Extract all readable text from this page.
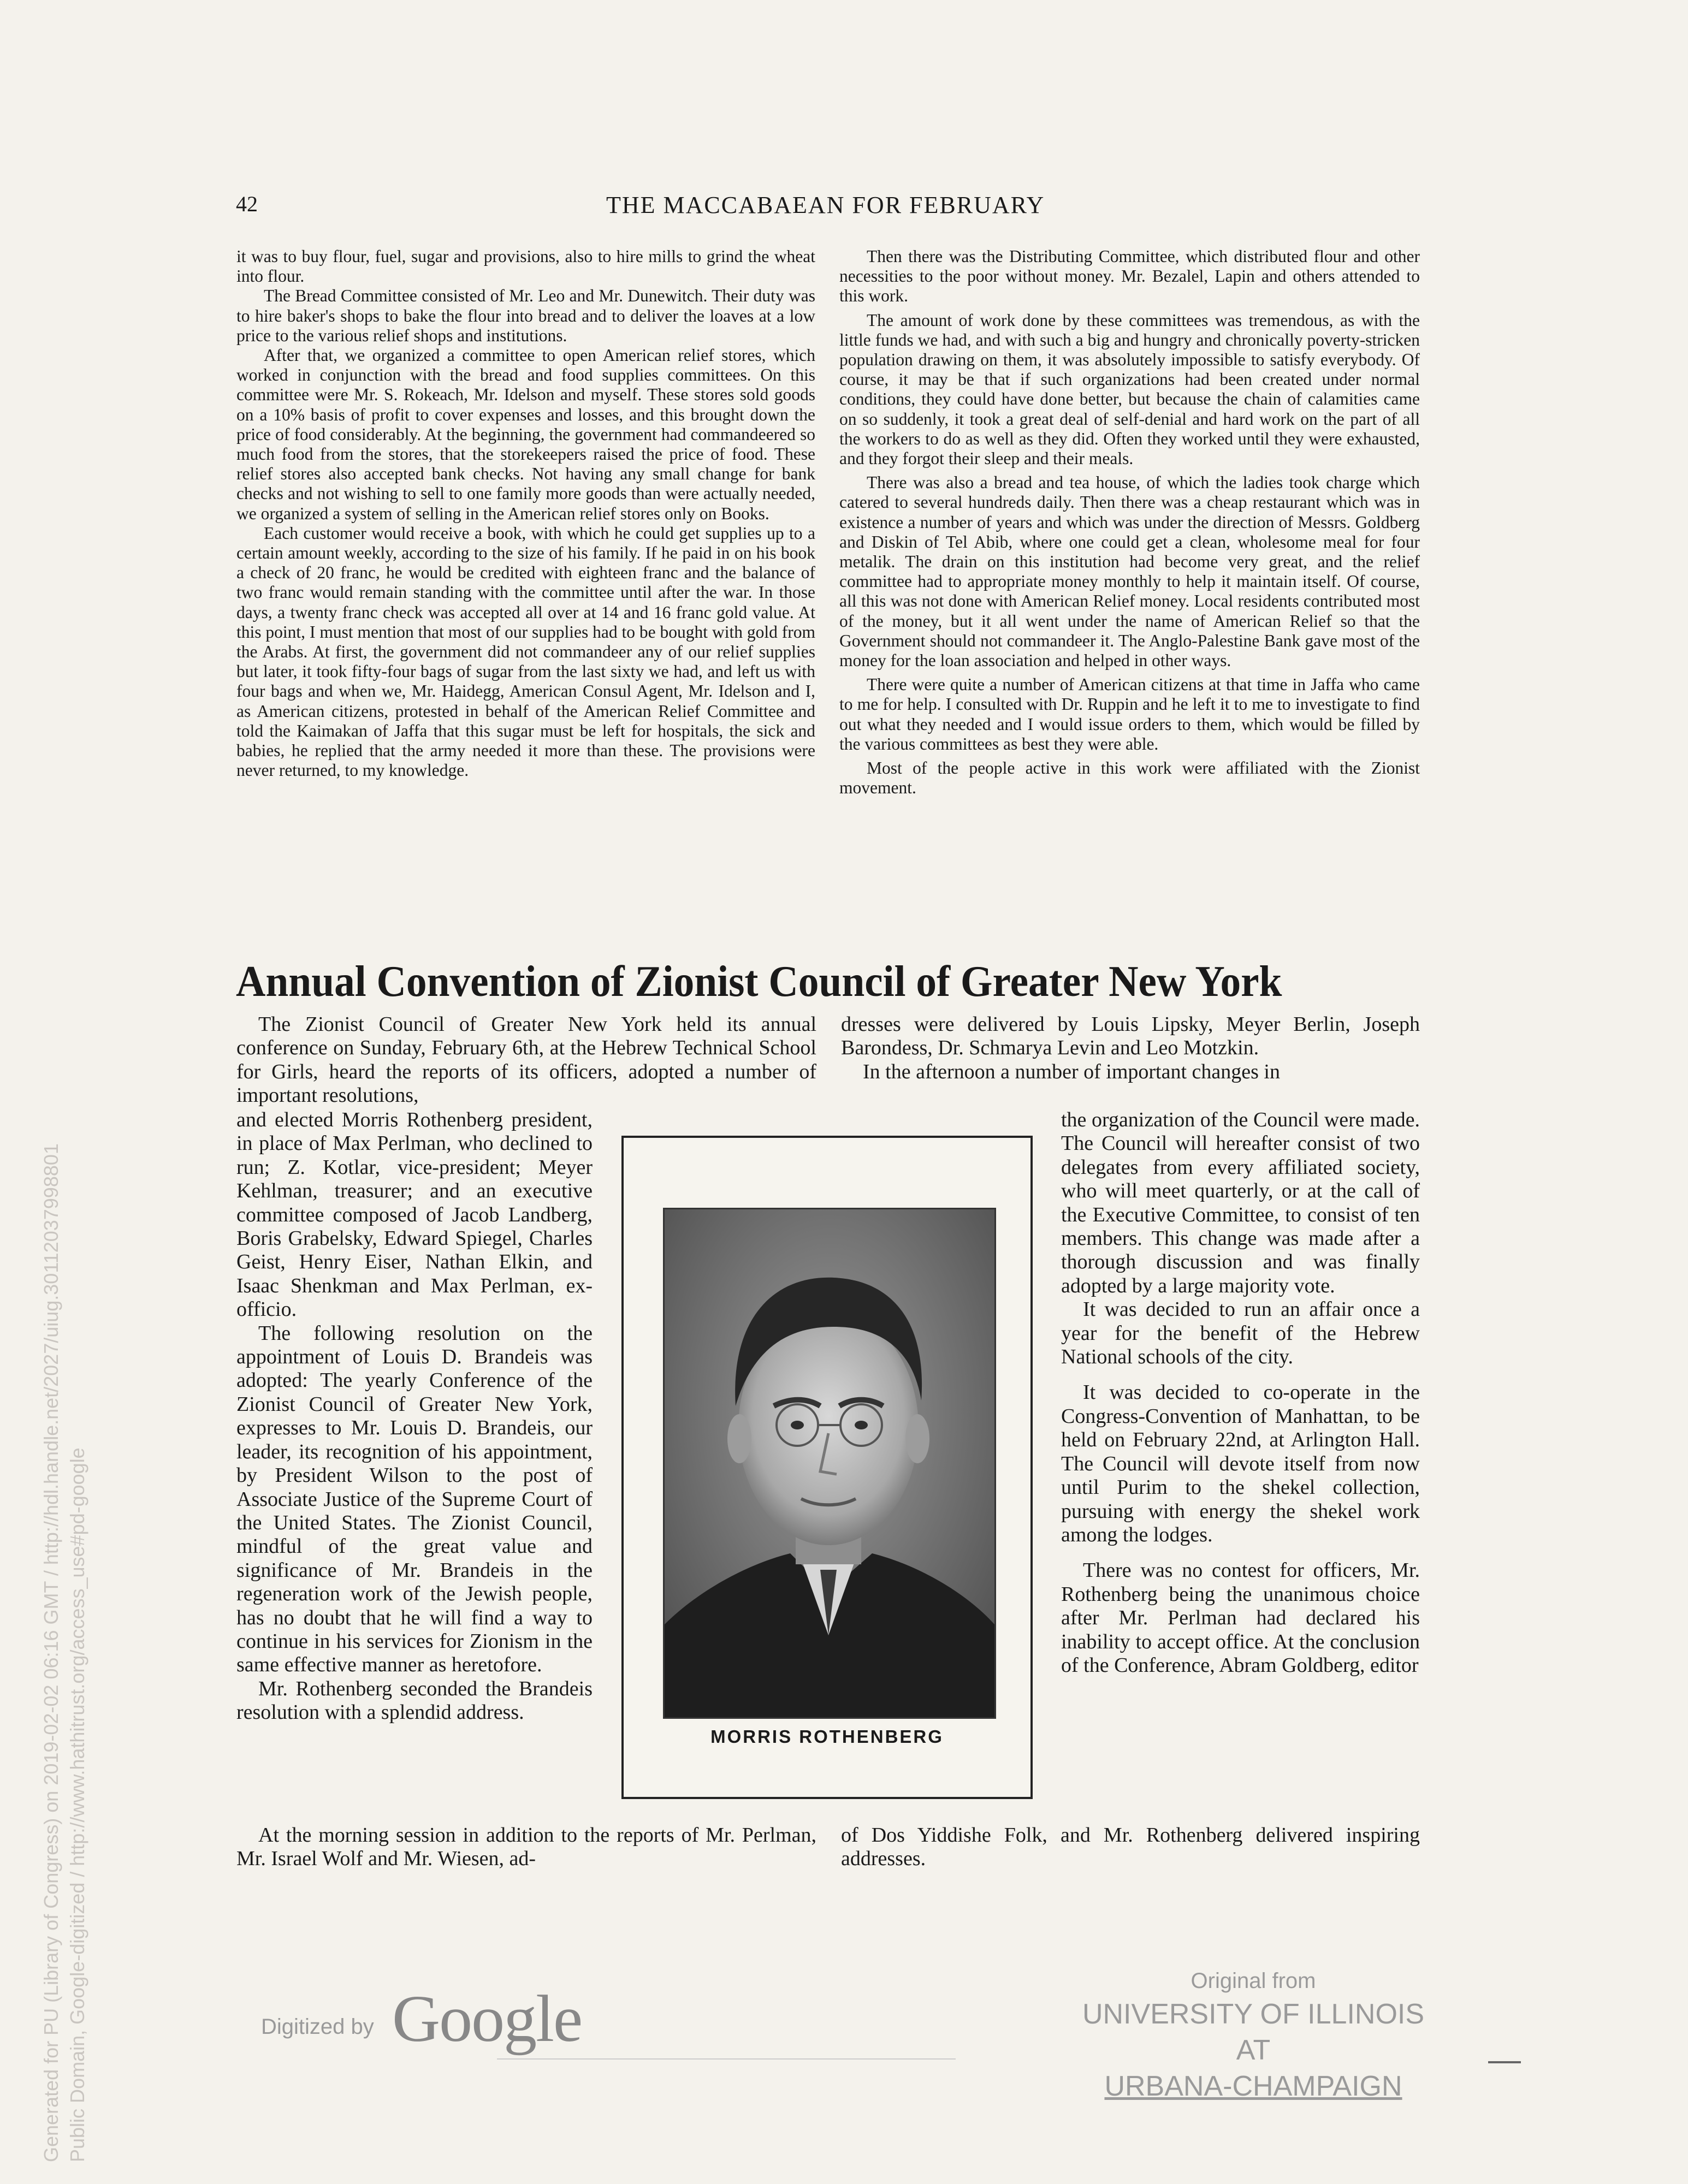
42	THE MACCABAEAN FOR FEBRUARY

it was to buy flour, fuel, sugar and provisions, also to hire mills to grind the wheat into flour.

The Bread Committee consisted of Mr. Leo and Mr. Dunewitch. Their duty was to hire baker's shops to bake the flour into bread and to deliver the loaves at a low price to the various relief shops and institutions.

After that, we organized a committee to open American relief stores, which worked in conjunction with the bread and food supplies committees. On this committee were Mr. S. Rokeach, Mr. Idelson and myself. These stores sold goods on a 10% basis of profit to cover expenses and losses, and this brought down the price of food considerably. At the beginning, the government had commandeered so much food from the stores, that the storekeepers raised the price of food. These relief stores also accepted bank checks. Not having any small change for bank checks and not wishing to sell to one family more goods than were actually needed, we organized a system of selling in the American relief stores only on Books.

Each customer would receive a book, with which he could get supplies up to a certain amount weekly, according to the size of his family. If he paid in on his book a check of 20 franc, he would be credited with eighteen franc and the balance of two franc would remain standing with the committee until after the war. In those days, a twenty franc check was accepted all over at 14 and 16 franc gold value. At this point, I must mention that most of our supplies had to be bought with gold from the Arabs. At first, the government did not commandeer any of our relief supplies but later, it took fifty-four bags of sugar from the last sixty we had, and left us with four bags and when we, Mr. Haidegg, American Consul Agent, Mr. Idelson and I, as American citizens, protested in behalf of the American Relief Committee and told the Kaimakan of Jaffa that this sugar must be left for hospitals, the sick and babies, he replied that the army needed it more than these. The provisions were never returned, to my knowledge.

Then there was the Distributing Committee, which distributed flour and other necessities to the poor without money. Mr. Bezalel, Lapin and others attended to this work.

The amount of work done by these committees was tremendous, as with the little funds we had, and with such a big and hungry and chronically poverty-stricken population drawing on them, it was absolutely impossible to satisfy everybody. Of course, it may be that if such organizations had been created under normal conditions, they could have done better, but because the chain of calamities came on so suddenly, it took a great deal of self-denial and hard work on the part of all the workers to do as well as they did. Often they worked until they were exhausted, and they forgot their sleep and their meals.

There was also a bread and tea house, of which the ladies took charge which catered to several hundreds daily. Then there was a cheap restaurant which was in existence a number of years and which was under the direction of Messrs. Goldberg and Diskin of Tel Abib, where one could get a clean, wholesome meal for four metalik. The drain on this institution had become very great, and the relief committee had to appropriate money monthly to help it maintain itself. Of course, all this was not done with American Relief money. Local residents contributed most of the money, but it all went under the name of American Relief so that the Government should not commandeer it. The Anglo-Palestine Bank gave most of the money for the loan association and helped in other ways.

There were quite a number of American citizens at that time in Jaffa who came to me for help. I consulted with Dr. Ruppin and he left it to me to investigate to find out what they needed and I would issue orders to them, which would be filled by the various committees as best they were able.

Most of the people active in this work were affiliated with the Zionist movement.

Annual Convention of Zionist Council of Greater New York

The Zionist Council of Greater New York held its annual conference on Sunday, February 6th, at the Hebrew Technical School for Girls, heard the reports of its officers, adopted a number of important resolutions,

dresses were delivered by Louis Lipsky, Meyer Berlin, Joseph Barondess, Dr. Schmarya Levin and Leo Motzkin.

In the afternoon a number of important changes in

and elected Morris Rothenberg president, in place of Max Perlman, who declined to run; Z. Kotlar, vice-president; Meyer Kehlman, treasurer; and an executive committee composed of Jacob Landberg, Boris Grabelsky, Edward Spiegel, Charles Geist, Henry Eiser, Nathan Elkin, and Isaac Shenkman and Max Perlman, ex-officio.

The following resolution on the appointment of Louis D. Brandeis was adopted: The yearly Conference of the Zionist Council of Greater New York, expresses to Mr. Louis D. Brandeis, our leader, its recognition of his appointment, by President Wilson to the post of Associate Justice of the Supreme Court of the United States. The Zionist Council, mindful of the great value and significance of Mr. Brandeis in the regeneration work of the Jewish people, has no doubt that he will find a way to continue in his services for Zionism in the same effective manner as heretofore.

Mr. Rothenberg seconded the Brandeis resolution with a splendid address.

the organization of the Council were made. The Council will hereafter consist of two delegates from every affiliated society, who will meet quarterly, or at the call of the Executive Committee, to consist of ten members. This change was made after a thorough discussion and was finally adopted by a large majority vote.

It was decided to run an affair once a year for the benefit of the Hebrew National schools of the city.

It was decided to co-operate in the Congress-Convention of Manhattan, to be held on February 22nd, at Arlington Hall. The Council will devote itself from now until Purim to the shekel collection, pursuing with energy the shekel work among the lodges.

There was no contest for officers, Mr. Rothenberg being the unanimous choice after Mr. Perlman had declared his inability to accept office. At the conclusion of the Conference, Abram Goldberg, editor

MORRIS ROTHENBERG

At the morning session in addition to the reports of Mr. Perlman, Mr. Israel Wolf and Mr. Wiesen, ad-

of Dos Yiddishe Folk, and Mr. Rothenberg delivered inspiring addresses.

Generated for PU (Library of Congress) on 2019-02-02 06:16 GMT / http://hdl.handle.net/2027/uiug.30112037998801 Public Domain, Google-digitized / http://www.hathitrust.org/access_use#pd-google	Digitized by Google
Original from
UNIVERSITY OF ILLINOIS AT
URBANA-CHAMPAIGN
